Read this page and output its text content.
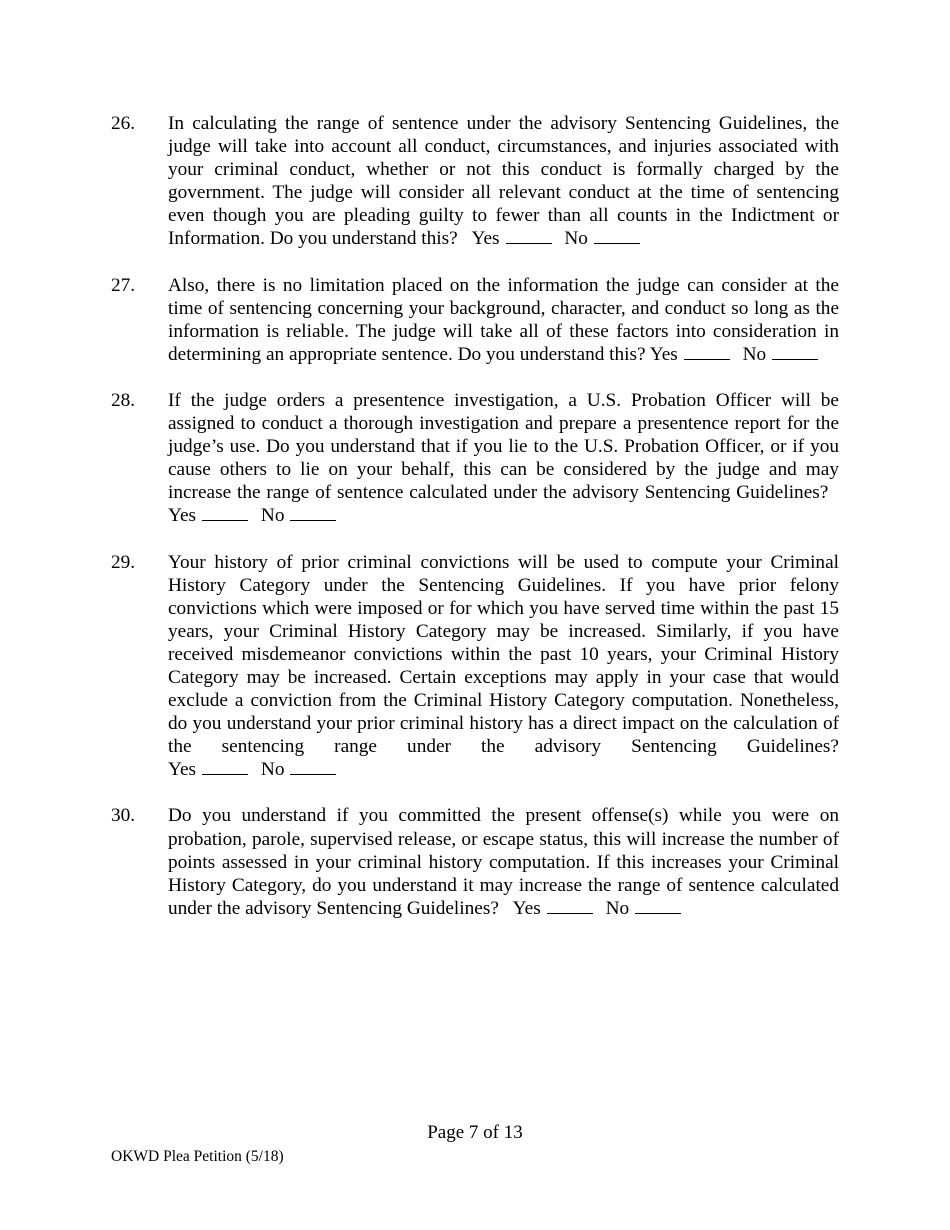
26.	In calculating the range of sentence under the advisory Sentencing Guidelines, the judge will take into account all conduct, circumstances, and injuries associated with your criminal conduct, whether or not this conduct is formally charged by the government. The judge will consider all relevant conduct at the time of sentencing even though you are pleading guilty to fewer than all counts in the Indictment or Information. Do you understand this? Yes	No
27.	Also, there is no limitation placed on the information the judge can consider at the time of sentencing concerning your background, character, and conduct so long as the information is reliable. The judge will take all of these factors into consideration in determining an appropriate sentence. Do you understand this? Yes	No
28.	If the judge orders a presentence investigation, a U.S. Probation Officer will be assigned to conduct a thorough investigation and prepare a presentence report for the judge’s use. Do you understand that if you lie to the U.S. Probation Officer, or if you cause others to lie on your behalf, this can be considered by the judge and may increase the range of sentence calculated under the advisory Sentencing Guidelines?   Yes	No
29.	Your history of prior criminal convictions will be used to compute your Criminal History Category under the Sentencing Guidelines. If you have prior felony convictions which were imposed or for which you have served time within the past 15 years, your Criminal History Category may be increased. Similarly, if you have received misdemeanor convictions within the past 10 years, your Criminal History Category may be increased. Certain exceptions may apply in your case that would exclude a conviction from the Criminal History Category computation. Nonetheless, do you understand your prior criminal history has a direct impact on the calculation of the sentencing range under the advisory Sentencing Guidelines? Yes	No
30.	Do you understand if you committed the present offense(s) while you were on probation, parole, supervised release, or escape status, this will increase the number of points assessed in your criminal history computation. If this increases your Criminal History Category, do you understand it may increase the range of sentence calculated under the advisory Sentencing Guidelines? Yes	No
Page 7 of 13
OKWD Plea Petition (5/18)
